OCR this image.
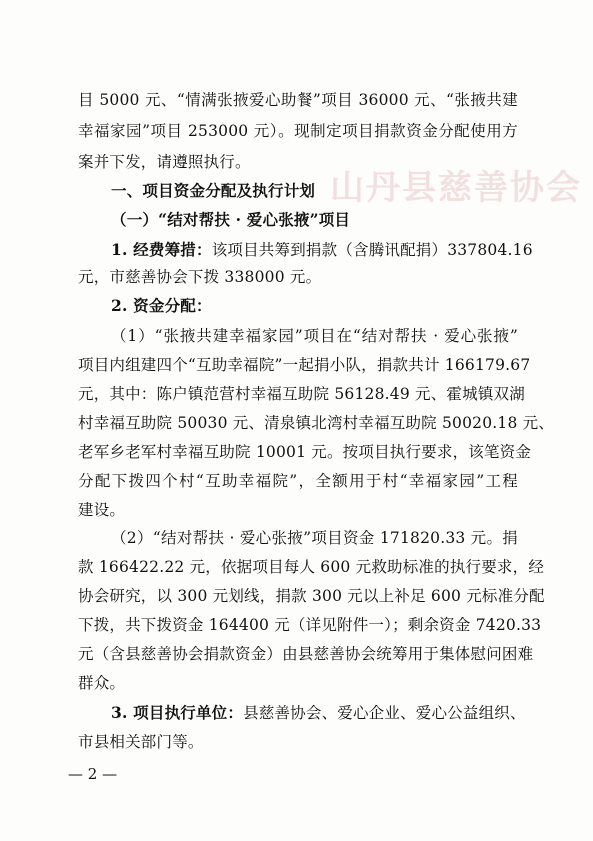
山丹县慈善协会
目 5000 元、“情满张掖爱心助餐”项目 36000 元、“张掖共建
幸福家园”项目 253000 元）。现制定项目捐款资金分配使用方
案并下发，请遵照执行。
一、项目资金分配及执行计划
（一）“结对帮扶 · 爱心张掖”项目
1. 经费筹措：该项目共筹到捐款（含腾讯配捐）337804.16
元，市慈善协会下拨 338000 元。
2. 资金分配：
（1）“张掖共建幸福家园”项目在“结对帮扶 · 爱心张掖”
项目内组建四个“互助幸福院”一起捐小队，捐款共计 166179.67
元，其中：陈户镇范营村幸福互助院 56128.49 元、霍城镇双湖
村幸福互助院 50030 元、清泉镇北湾村幸福互助院 50020.18 元、
老军乡老军村幸福互助院 10001 元。按项目执行要求，该笔资金
分配下拨四个村“互助幸福院”，全额用于村“幸福家园”工程
建设。
（2）“结对帮扶 · 爱心张掖”项目资金 171820.33 元。捐
款 166422.22 元，依据项目每人 600 元救助标准的执行要求，经
协会研究，以 300 元划线，捐款 300 元以上补足 600 元标准分配
下拨，共下拨资金 164400 元（详见附件一）；剩余资金 7420.33
元（含县慈善协会捐款资金）由县慈善协会统筹用于集体慰问困难
群众。
3. 项目执行单位：县慈善协会、爱心企业、爱心公益组织、
市县相关部门等。
— 2 —
